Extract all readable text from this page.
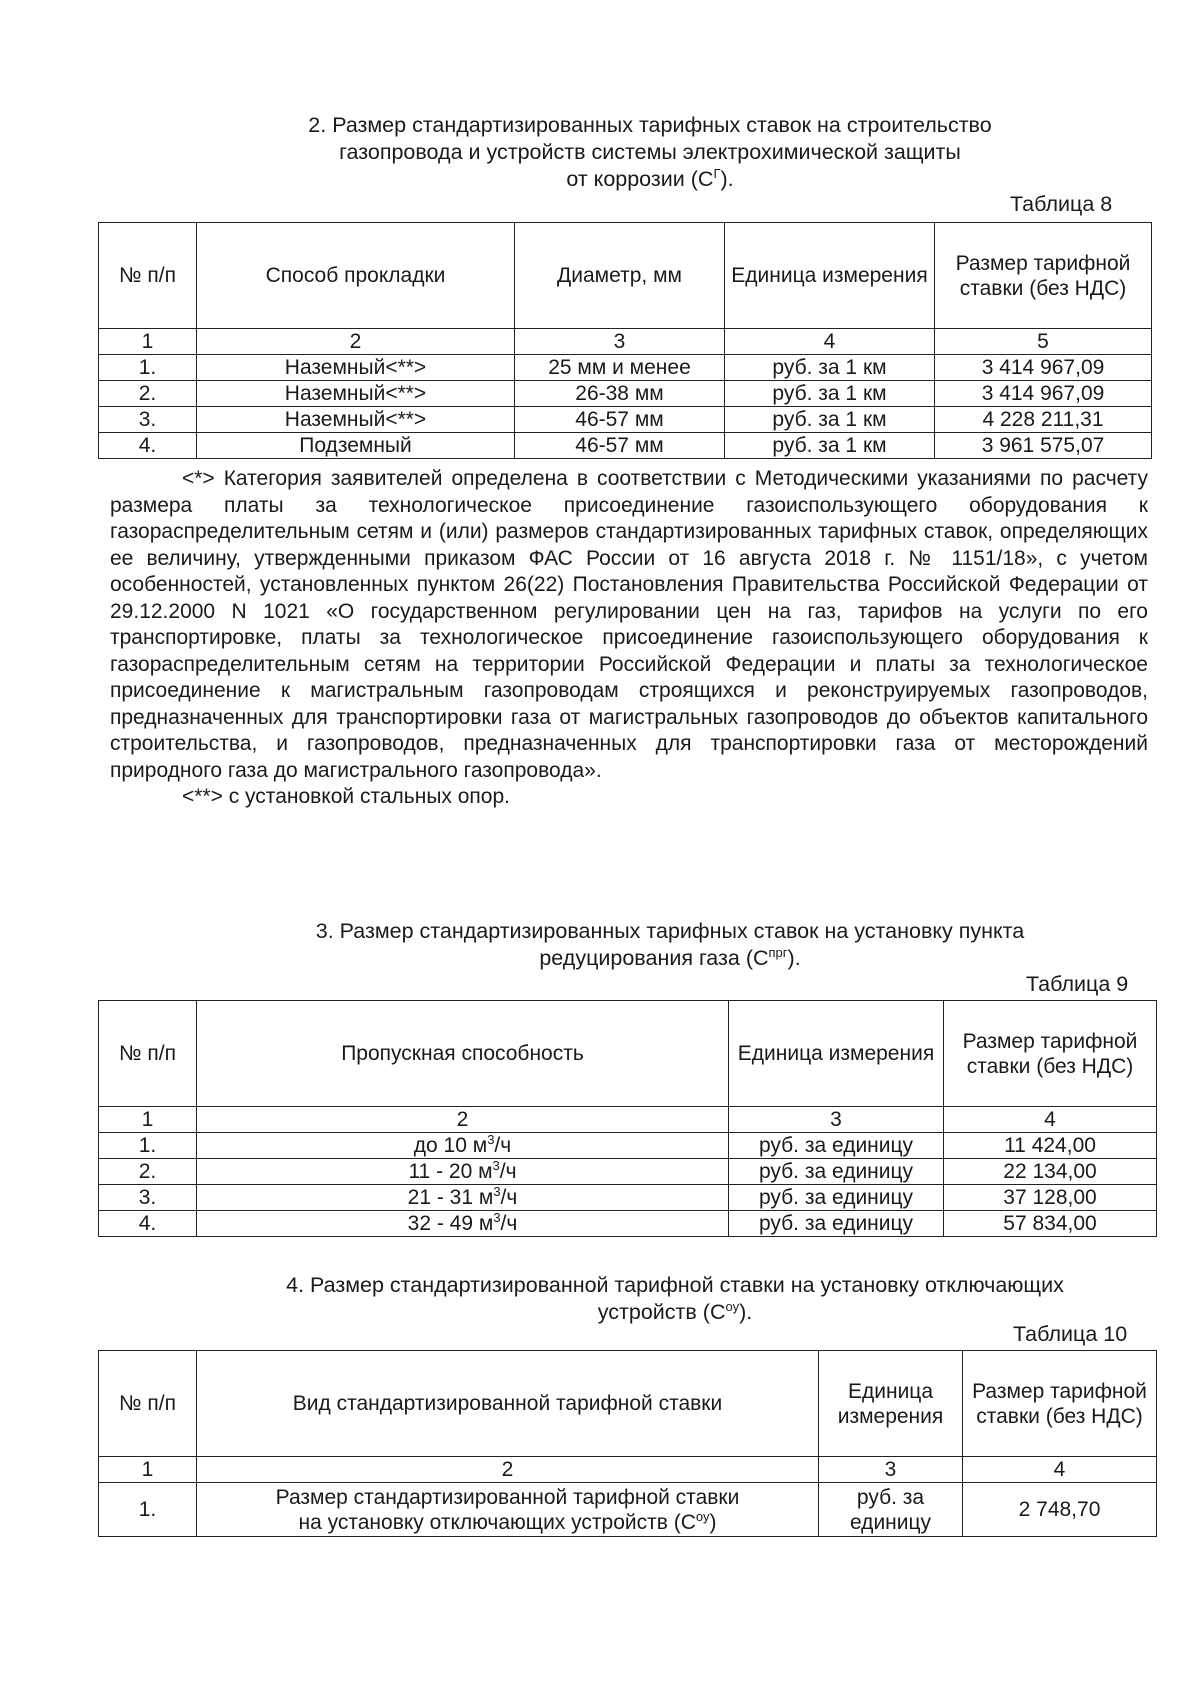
2. Размер стандартизированных тарифных ставок на строительство
газопровода и устройств системы электрохимической защиты
от коррозии $(С^Г)$.
Таблица 8
№ п/п	Способ прокладки	Диаметр, мм	Единица измерения	Размер тарифной ставки (без НДС)
1	2	3	4	5
1.	Наземный<**>	25 мм и менее	руб. за 1 км	3 414 967,09
2.	Наземный<**>	26-38 мм	руб. за 1 км	3 414 967,09
3.	Наземный<**>	46-57 мм	руб. за 1 км	4 228 211,31
4.	Подземный	46-57 мм	руб. за 1 км	3 961 575,07

<*> Категория заявителей определена в соответствии с Методическими указаниями по расчету размера платы за технологическое присоединение газоиспользующего оборудования к газораспределительным сетям и (или) размеров стандартизированных тарифных ставок, определяющих ее величину, утвержденными приказом ФАС России от 16 августа 2018 г. № 1151/18», с учетом особенностей, установленных пунктом 26(22) Постановления Правительства Российской Федерации от 29.12.2000 N 1021 «О государственном регулировании цен на газ, тарифов на услуги по его транспортировке, платы за технологическое присоединение газоиспользующего оборудования к газораспределительным сетям на территории Российской Федерации и платы за технологическое присоединение к магистральным газопроводам строящихся и реконструируемых газопроводов, предназначенных для транспортировки газа от магистральных газопроводов до объектов капитального строительства, и газопроводов, предназначенных для транспортировки газа от месторождений природного газа до магистрального газопровода».

<**> с установкой стальных опор.

3. Размер стандартизированных тарифных ставок на установку пункта
редуцирования газа $(С^{прг})$.
Таблица 9
№ п/п	Пропускная способность	Единица измерения	Размер тарифной ставки (без НДС)
1	2	3	4
1.	до 10 $м^3/ч$	руб. за единицу	11 424,00
2.	11 - 20 $м^3/ч$	руб. за единицу	22 134,00
3.	21 - 31 $м^3/ч$	руб. за единицу	37 128,00
4.	32 - 49 $м^3/ч$	руб. за единицу	57 834,00
4. Размер стандартизированной тарифной ставки на установку отключающих
устройств $(С^{оу})$.
Таблица 10
№ п/п	Вид стандартизированной тарифной ставки	Единица измерения	Размер тарифной ставки (без НДС)
1	2	3	4
1.	Размер стандартизированной тарифной ставки
на установку отключающих устройств $(С^{оу})$	руб. за единицу	2 748,70
